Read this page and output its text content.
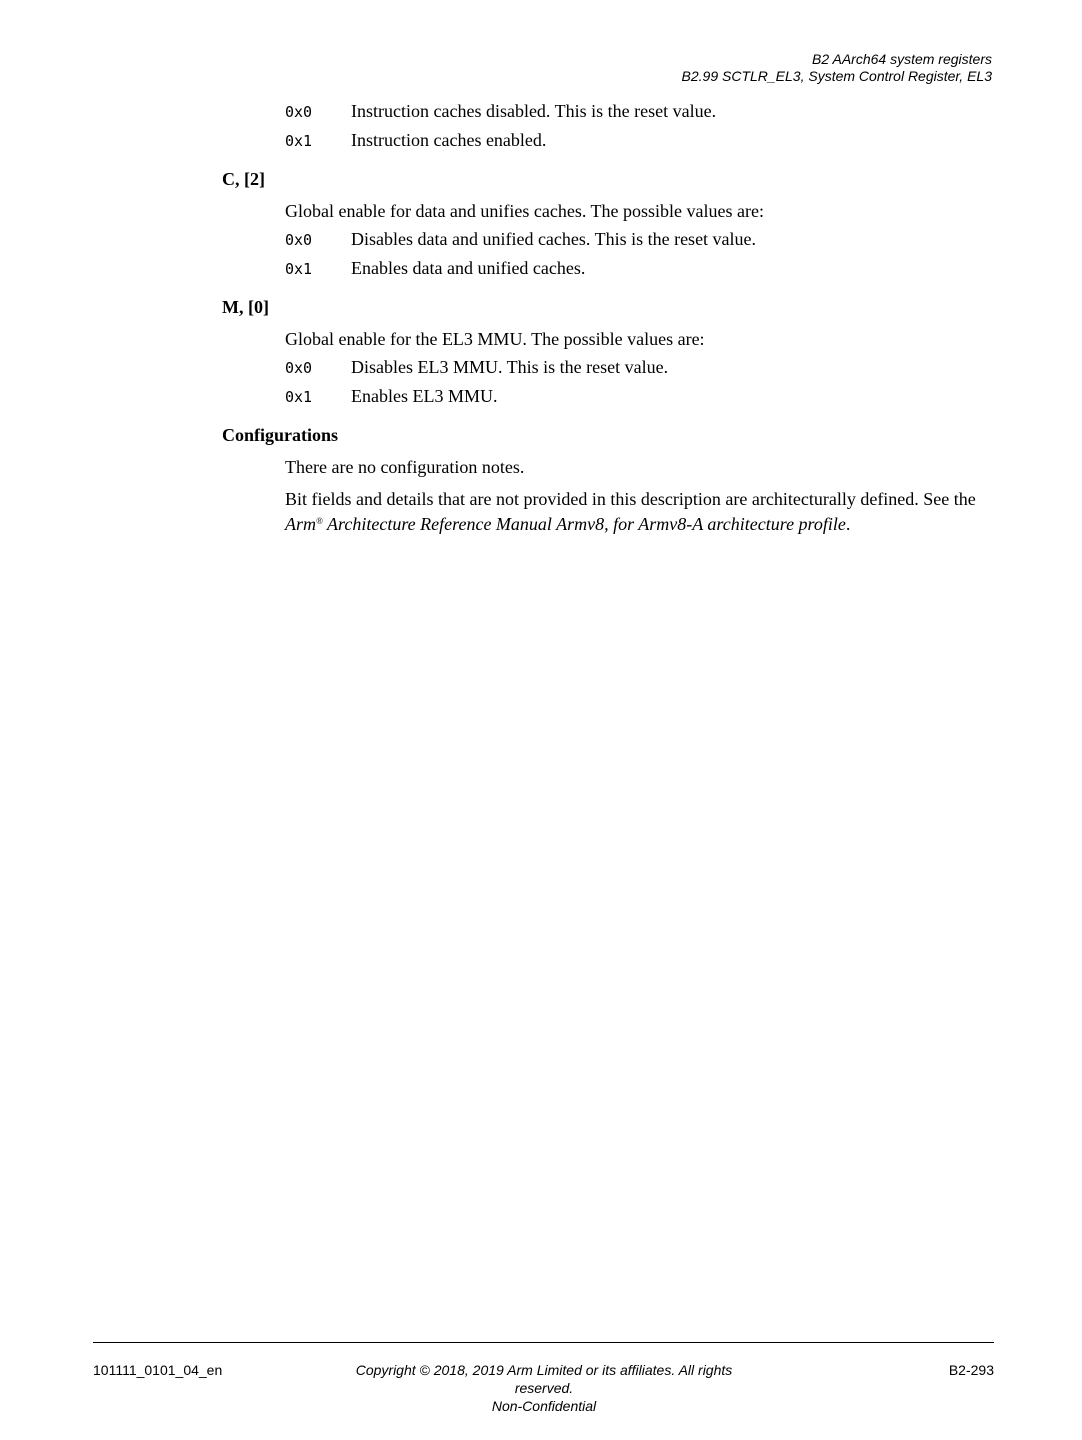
B2 AArch64 system registers
B2.99 SCTLR_EL3, System Control Register, EL3
0x0	Instruction caches disabled. This is the reset value.
0x1	Instruction caches enabled.
C, [2]
Global enable for data and unifies caches. The possible values are:
0x0	Disables data and unified caches. This is the reset value.
0x1	Enables data and unified caches.
M, [0]
Global enable for the EL3 MMU. The possible values are:
0x0	Disables EL3 MMU. This is the reset value.
0x1	Enables EL3 MMU.
Configurations
There are no configuration notes.
Bit fields and details that are not provided in this description are architecturally defined. See the Arm® Architecture Reference Manual Armv8, for Armv8-A architecture profile.
101111_0101_04_en	Copyright © 2018, 2019 Arm Limited or its affiliates. All rights
reserved.
Non-Confidential
B2-293
